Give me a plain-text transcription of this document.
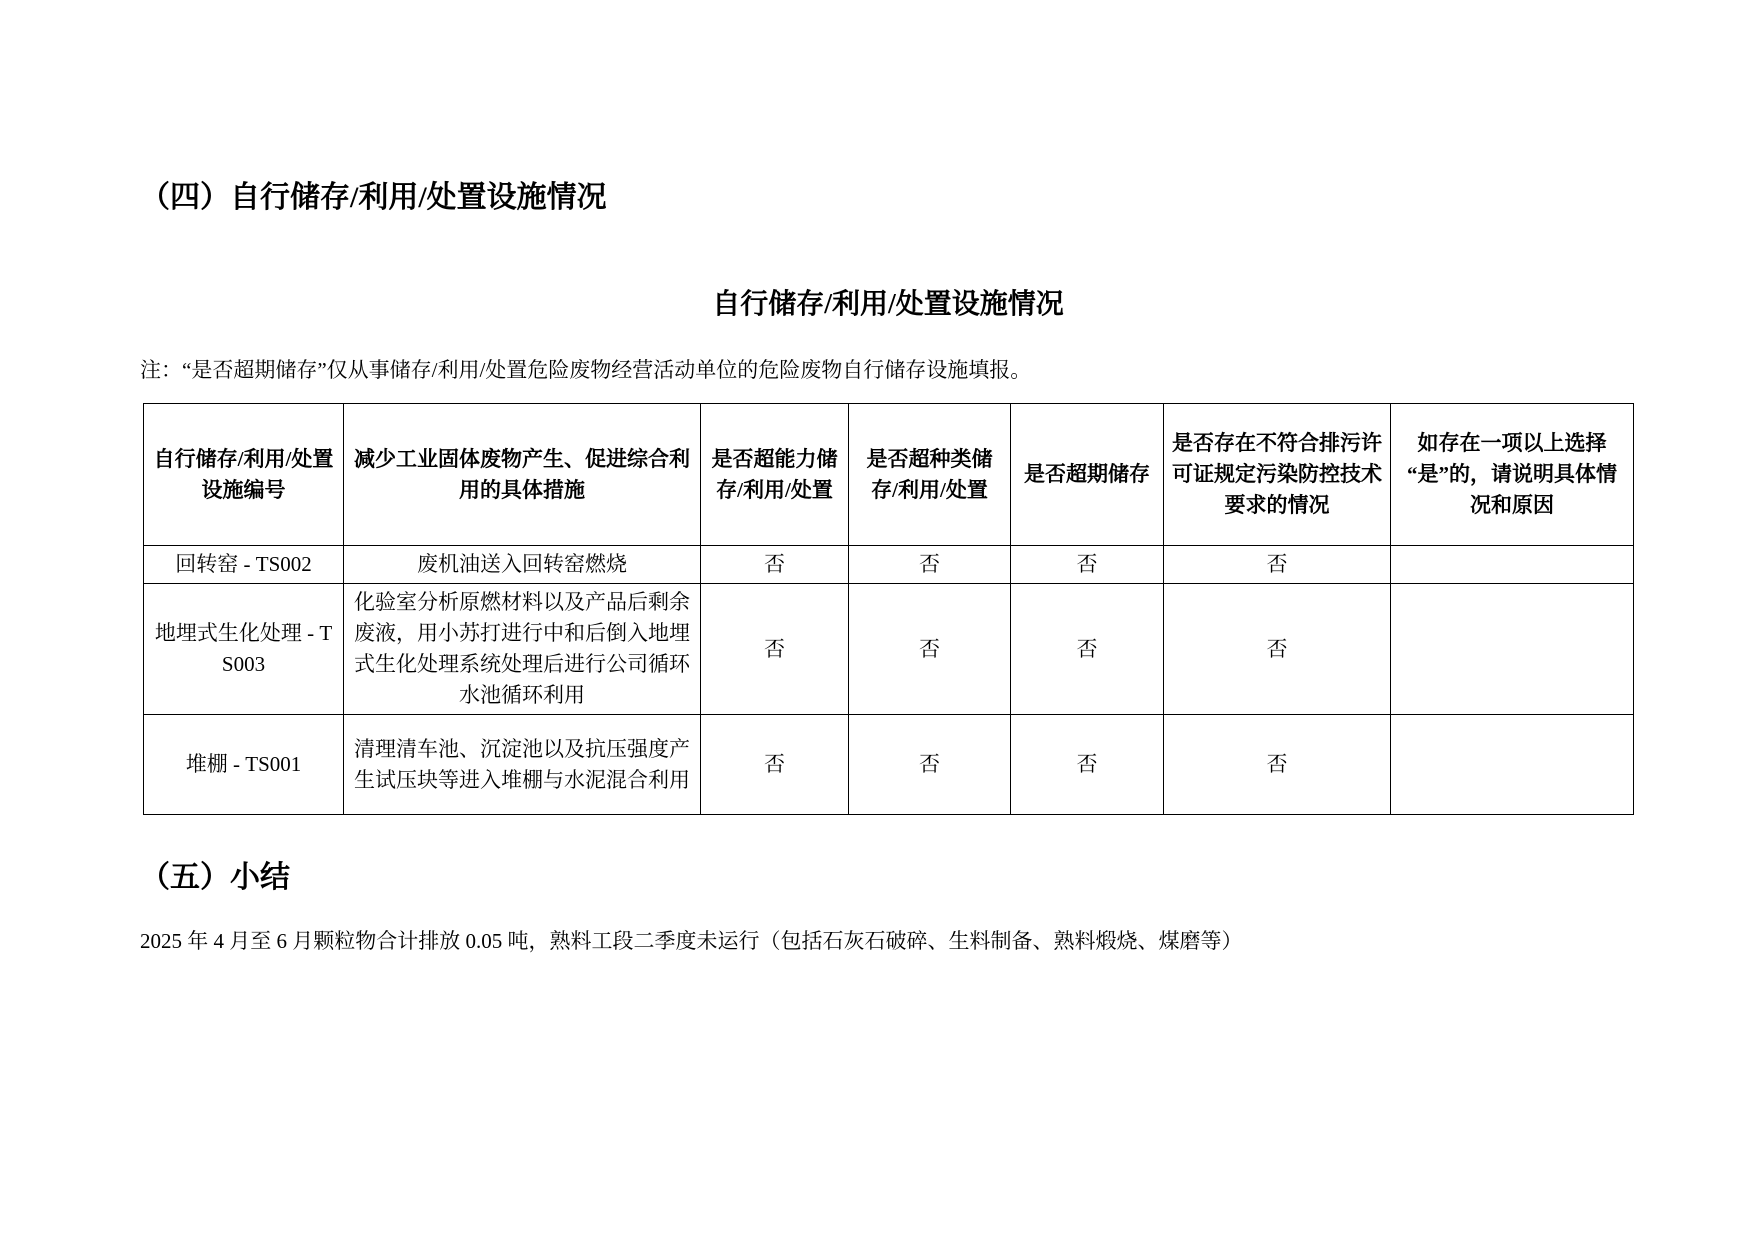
（四）自行储存/利用/处置设施情况
自行储存/利用/处置设施情况
注：“是否超期储存”仅从事储存/利用/处置危险废物经营活动单位的危险废物自行储存设施填报。
自行储存/利用/处置设施编号	减少工业固体废物产生、促进综合利用的具体措施	是否超能力储存/利用/处置	是否超种类储存/利用/处置	是否超期储存	是否存在不符合排污许可证规定污染防控技术要求的情况	如存在一项以上选择“是”的，请说明具体情况和原因
回转窑 - TS002	废机油送入回转窑燃烧	否	否	否	否	
地埋式生化处理 - TS003	化验室分析原燃材料以及产品后剩余废液，用小苏打进行中和后倒入地埋式生化处理系统处理后进行公司循环水池循环利用	否	否	否	否	
堆棚 - TS001	清理清车池、沉淀池以及抗压强度产生试压块等进入堆棚与水泥混合利用	否	否	否	否	
（五）小结
2025 年 4 月至 6 月颗粒物合计排放 0.05 吨，熟料工段二季度未运行（包括石灰石破碎、生料制备、熟料煅烧、煤磨等）
